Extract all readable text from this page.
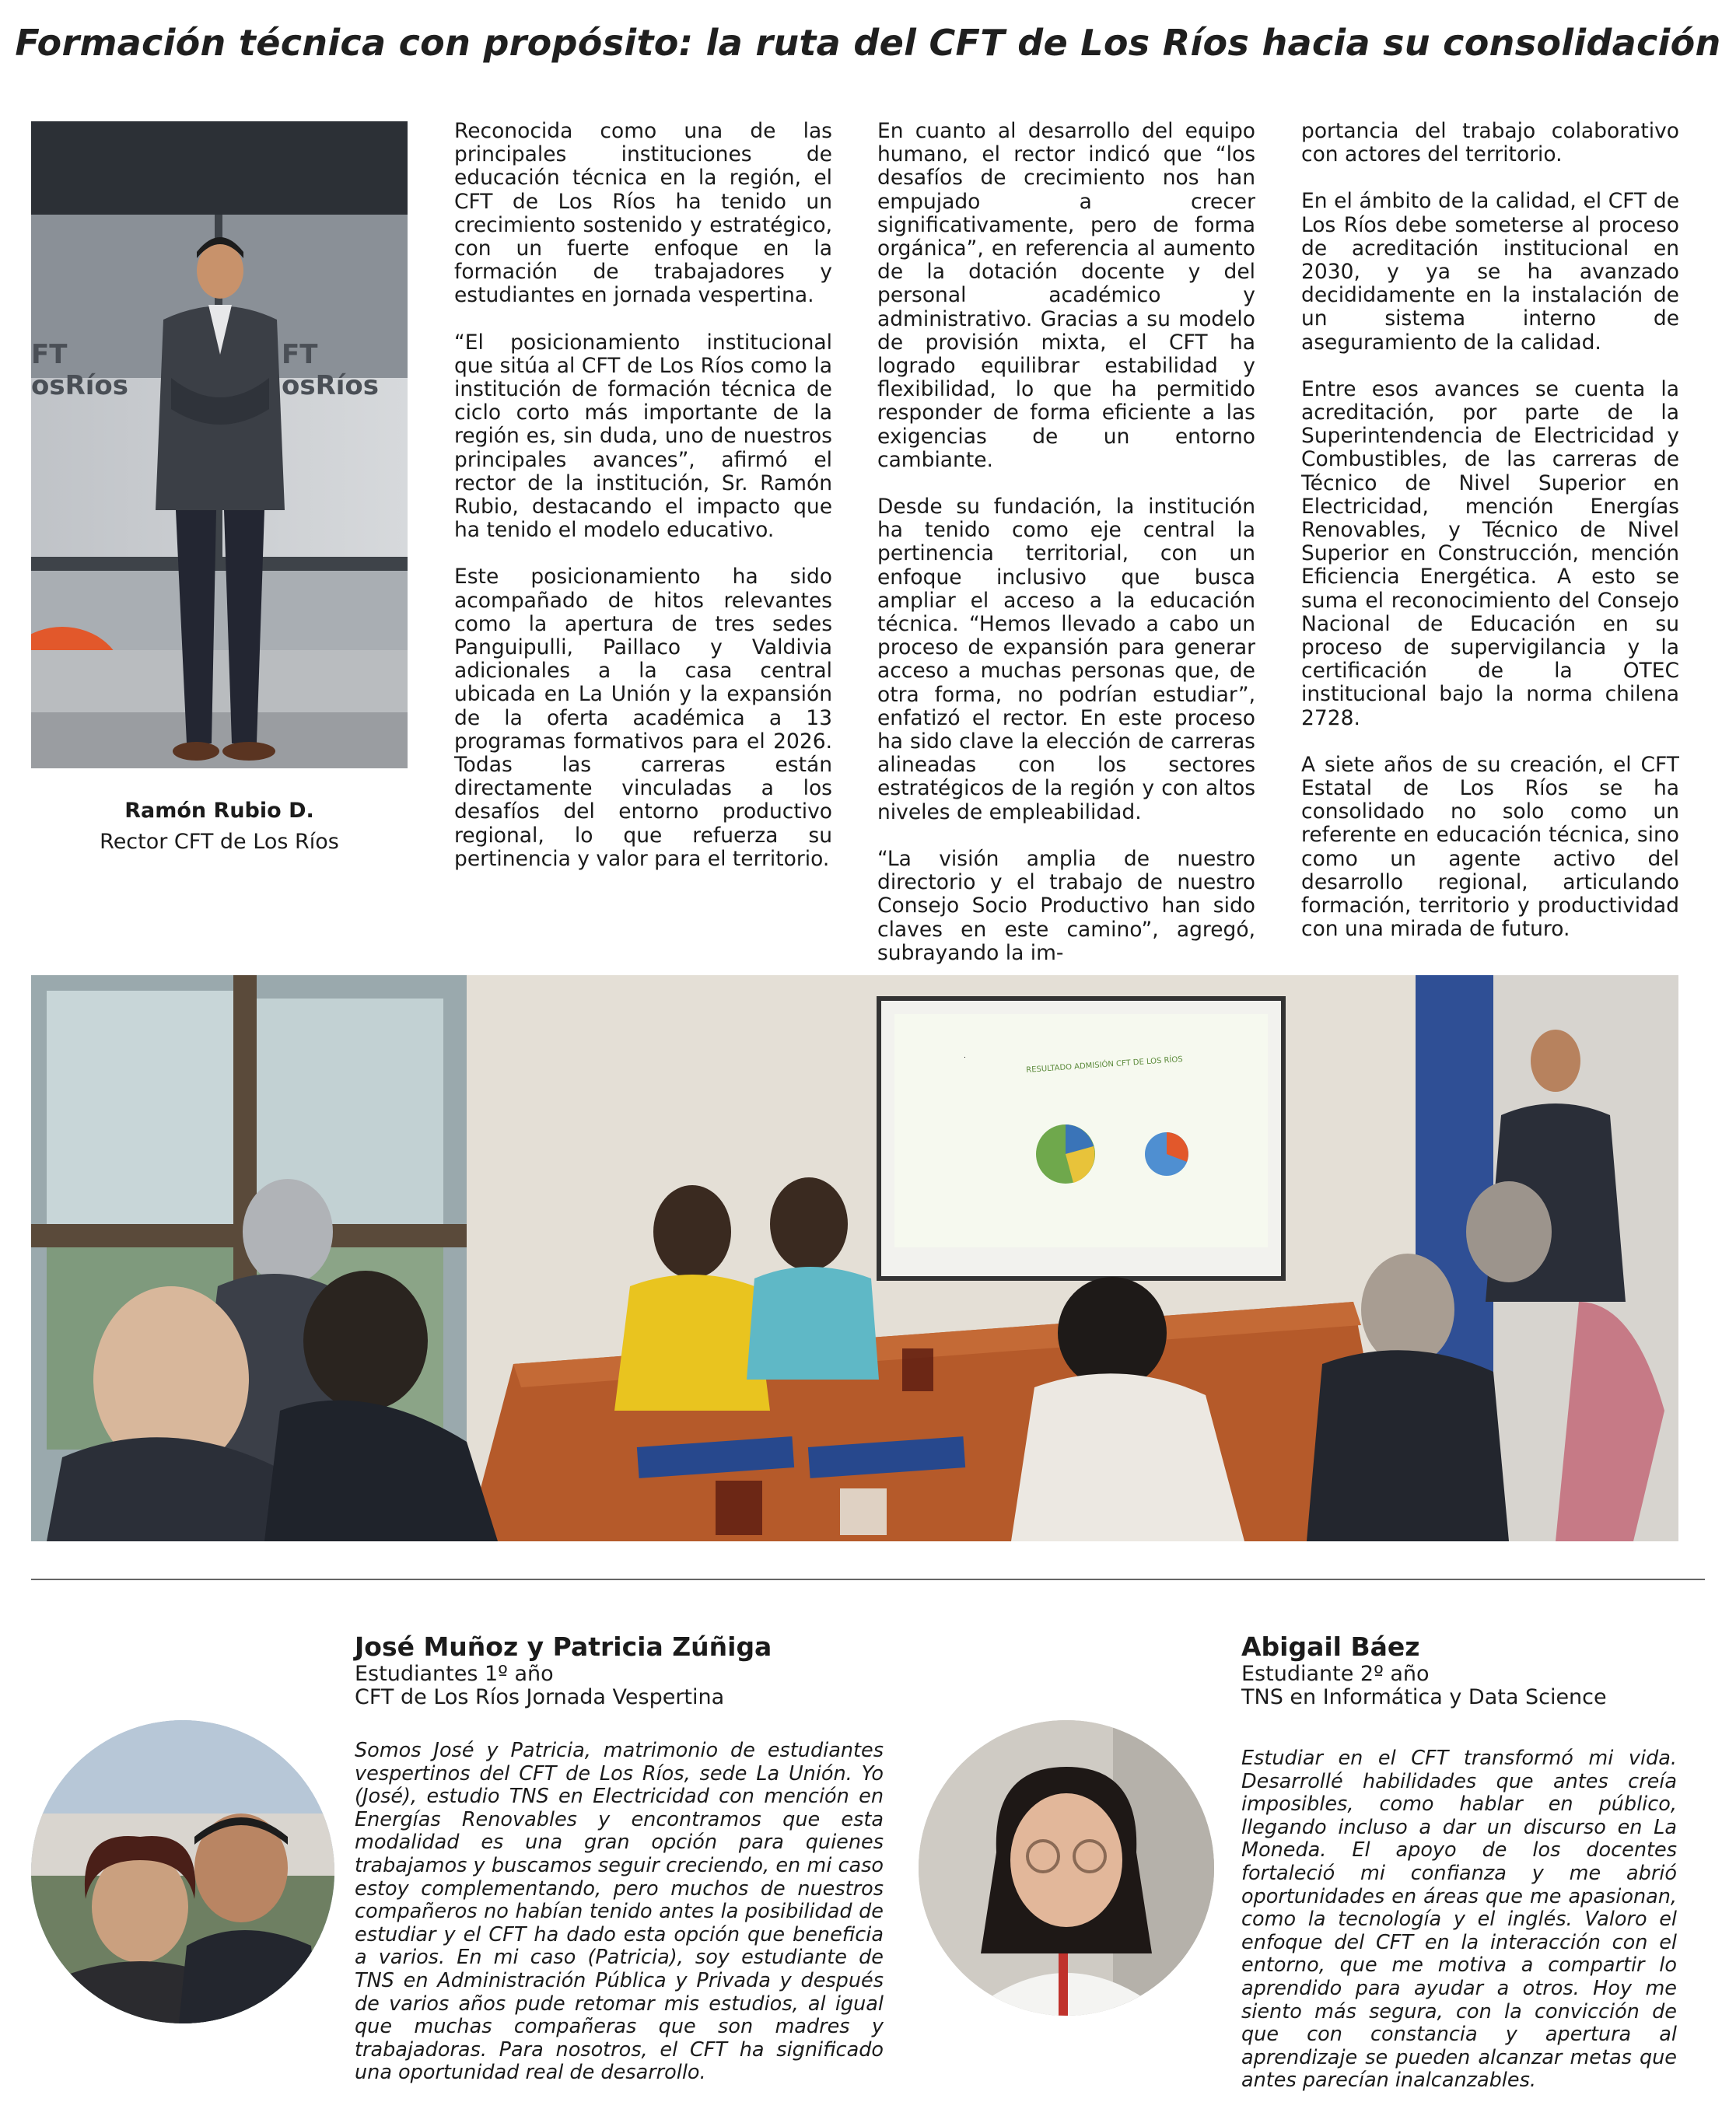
Formación técnica con propósito: la ruta del CFT de Los Ríos hacia su consolidación
FT
osRíos
FT
osRíos
Ramón Rubio D.
Rector CFT de Los Ríos

Reconocida como una de las principales instituciones de educación técnica en la región, el CFT de Los Ríos ha tenido un crecimiento sostenido y estratégico, con un fuerte enfoque en la formación de trabajadores y estudiantes en jornada vespertina.

“El posicionamiento institucional que sitúa al CFT de Los Ríos como la institución de formación técnica de ciclo corto más importante de la región es, sin duda, uno de nuestros principales avances”, afirmó el rector de la institución, Sr. Ramón Rubio, destacando el impacto que ha tenido el modelo educativo.

Este posicionamiento ha sido acompañado de hitos relevantes como la apertura de tres sedes Panguipulli, Paillaco y Valdivia adicionales a la casa central ubicada en La Unión y la expansión de la oferta académica a 13 programas formativos para el 2026. Todas las carreras están directamente vinculadas a los desafíos del entorno productivo regional, lo que refuerza su pertinencia y valor para el territorio.

En cuanto al desarrollo del equipo humano, el rector indicó que “los desafíos de crecimiento nos han empujado a crecer significativamente, pero de forma orgánica”, en referencia al aumento de la dotación docente y del personal académico y administrativo. Gracias a su modelo de provisión mixta, el CFT ha logrado equilibrar estabilidad y flexibilidad, lo que ha permitido responder de forma eficiente a las exigencias de un entorno cambiante.

Desde su fundación, la institución ha tenido como eje central la pertinencia territorial, con un enfoque inclusivo que busca ampliar el acceso a la educación técnica. “Hemos llevado a cabo un proceso de expansión para generar acceso a muchas personas que, de otra forma, no podrían estudiar”, enfatizó el rector. En este proceso ha sido clave la elección de carreras alineadas con los sectores estratégicos de la región y con altos niveles de empleabilidad.

“La visión amplia de nuestro directorio y el trabajo de nuestro Consejo Socio Productivo han sido claves en este camino”, agregó, subrayando la im-

portancia del trabajo colaborativo con actores del territorio.

En el ámbito de la calidad, el CFT de Los Ríos debe someterse al proceso de acreditación institucional en 2030, y ya se ha avanzado decididamente en la instalación de un sistema interno de aseguramiento de la calidad.

Entre esos avances se cuenta la acreditación, por parte de la Superintendencia de Electricidad y Combustibles, de las carreras de Técnico de Nivel Superior en Electricidad, mención Energías Renovables, y Técnico de Nivel Superior en Construcción, mención Eficiencia Energética. A esto se suma el reconocimiento del Consejo Nacional de Educación en su proceso de supervigilancia y la certificación de la OTEC institucional bajo la norma chilena 2728.

A siete años de su creación, el CFT Estatal de Los Ríos se ha consolidado no solo como un referente en educación técnica, sino como un agente activo del desarrollo regional, articulando formación, territorio y productividad con una mirada de futuro.

RESULTADO ADMISIÓN CFT DE LOS RÍOS
José Muñoz y Patricia Zúñiga
Estudiantes 1º año
CFT de Los Ríos Jornada Vespertina
Somos José y Patricia, matrimonio de estudiantes vespertinos del CFT de Los Ríos, sede La Unión. Yo (José), estudio TNS en Electricidad con mención en Energías Renovables y encontramos que esta modalidad es una gran opción para quienes trabajamos y buscamos seguir creciendo, en mi caso estoy complementando, pero muchos de nuestros compañeros no habían tenido antes la posibilidad de estudiar y el CFT ha dado esta opción que beneficia a varios. En mi caso (Patricia), soy estudiante de TNS en Administración Pública y Privada y después de varios años pude retomar mis estudios, al igual que muchas compañeras que son madres y trabajadoras. Para nosotros, el CFT ha significado una oportunidad real de desarrollo.
Abigail Báez
Estudiante 2º año
TNS en Informática y Data Science
Estudiar en el CFT transformó mi vida. Desarrollé habilidades que antes creía imposibles, como hablar en público, llegando incluso a dar un discurso en La Moneda. El apoyo de los docentes fortaleció mi confianza y me abrió oportunidades en áreas que me apasionan, como la tecnología y el inglés. Valoro el enfoque del CFT en la interacción con el entorno, que me motiva a compartir lo aprendido para ayudar a otros. Hoy me siento más segura, con la convicción de que con constancia y apertura al aprendizaje se pueden alcanzar metas que antes parecían inalcanzables.
